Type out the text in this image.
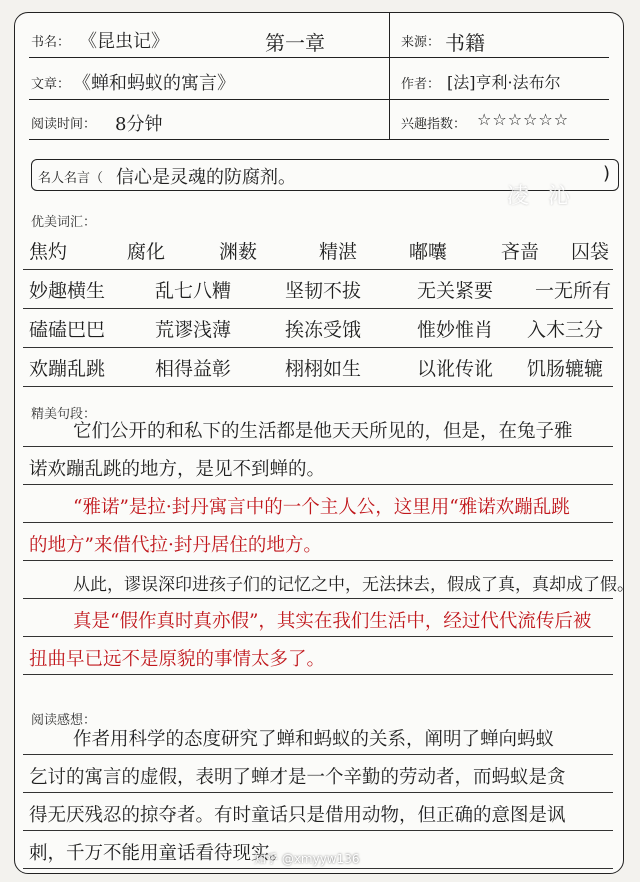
书名： 《昆虫记》	第一章	来源： 书籍
文章： 《蝉和蚂蚁的寓言》	作者： [法]亨利·法布尔
阅读时间： 8分钟	兴趣指数： ☆☆☆☆☆☆
名人名言（ 信心是灵魂的防腐剂。	)
凌 沁
优美词汇：
焦灼	腐化	渊薮	精湛	嘟囔	吝啬 囚袋
妙趣横生	乱七八糟	坚韧不拔	无关紧要 一无所有
磕磕巴巴	荒谬浅薄	挨冻受饿	惟妙惟肖 入木三分
欢蹦乱跳	相得益彰	栩栩如生	以讹传讹 饥肠辘辘
精美句段：
它们公开的和私下的生活都是他天天所见的，但是，在兔子雅
诺欢蹦乱跳的地方，是见不到蝉的。
“雅诺”是拉·封丹寓言中的一个主人公，这里用“雅诺欢蹦乱跳
的地方”来借代拉·封丹居住的地方。
从此，谬误深印进孩子们的记忆之中，无法抹去，假成了真，真却成了假。
真是“假作真时真亦假”，其实在我们生活中，经过代代流传后被
扭曲早已远不是原貌的事情太多了。
阅读感想：
作者用科学的态度研究了蝉和蚂蚁的关系，阐明了蝉向蚂蚁
乞讨的寓言的虚假，表明了蝉才是一个辛勤的劳动者，而蚂蚁是贪
得无厌残忍的掠夺者。有时童话只是借用动物，但正确的意图是讽
刺，千万不能用童话看待现实。
知乎 @xmyyw136
